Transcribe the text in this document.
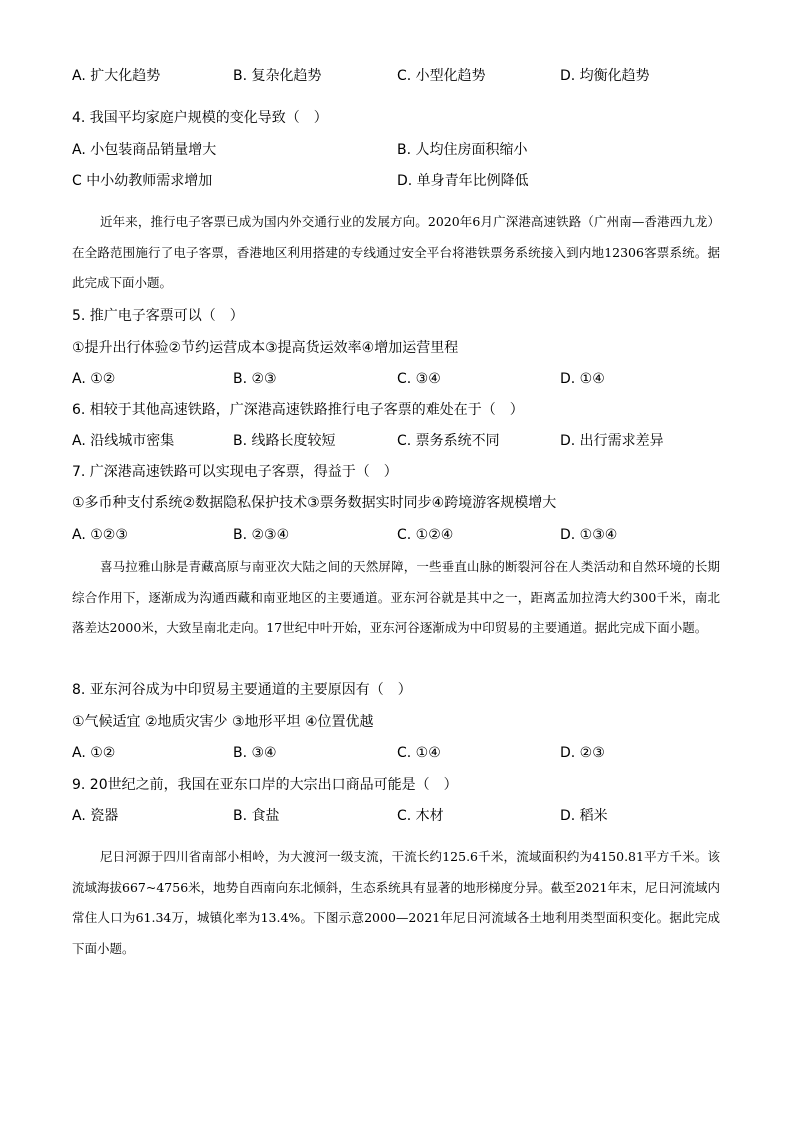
A. 扩大化趋势	B. 复杂化趋势	C. 小型化趋势	D. 均衡化趋势
4. 我国平均家庭户规模的变化导致（　）
A. 小包装商品销量增大	B. 人均住房面积缩小
C 中小幼教师需求增加	D. 单身青年比例降低

近年来，推行电子客票已成为国内外交通行业的发展方向。2020年6月广深港高速铁路（广州南—香港西九龙）在全路范围施行了电子客票，香港地区利用搭建的专线通过安全平台将港铁票务系统接入到内地12306客票系统。据此完成下面小题。

5. 推广电子客票可以（　）
①提升出行体验②节约运营成本③提高货运效率④增加运营里程
A. ①②	B. ②③	C. ③④	D. ①④
6. 相较于其他高速铁路，广深港高速铁路推行电子客票的难处在于（　）
A. 沿线城市密集	B. 线路长度较短	C. 票务系统不同	D. 出行需求差异
7. 广深港高速铁路可以实现电子客票，得益于（　）
①多币种支付系统②数据隐私保护技术③票务数据实时同步④跨境游客规模增大
A. ①②③	B. ②③④	C. ①②④	D. ①③④

喜马拉雅山脉是青藏高原与南亚次大陆之间的天然屏障，一些垂直山脉的断裂河谷在人类活动和自然环境的长期综合作用下，逐渐成为沟通西藏和南亚地区的主要通道。亚东河谷就是其中之一，距离孟加拉湾大约300千米，南北落差达2000米，大致呈南北走向。17世纪中叶开始，亚东河谷逐渐成为中印贸易的主要通道。据此完成下面小题。

8. 亚东河谷成为中印贸易主要通道的主要原因有（　）
①气候适宜 ②地质灾害少 ③地形平坦 ④位置优越
A. ①②	B. ③④	C. ①④	D. ②③
9. 20世纪之前，我国在亚东口岸的大宗出口商品可能是（　）
A. 瓷器	B. 食盐	C. 木材	D. 稻米

尼日河源于四川省南部小相岭，为大渡河一级支流，干流长约125.6千米，流域面积约为4150.81平方千米。该流域海拔667~4756米，地势自西南向东北倾斜，生态系统具有显著的地形梯度分异。截至2021年末，尼日河流域内常住人口为61.34万，城镇化率为13.4%。下图示意2000—2021年尼日河流域各土地利用类型面积变化。据此完成下面小题。
